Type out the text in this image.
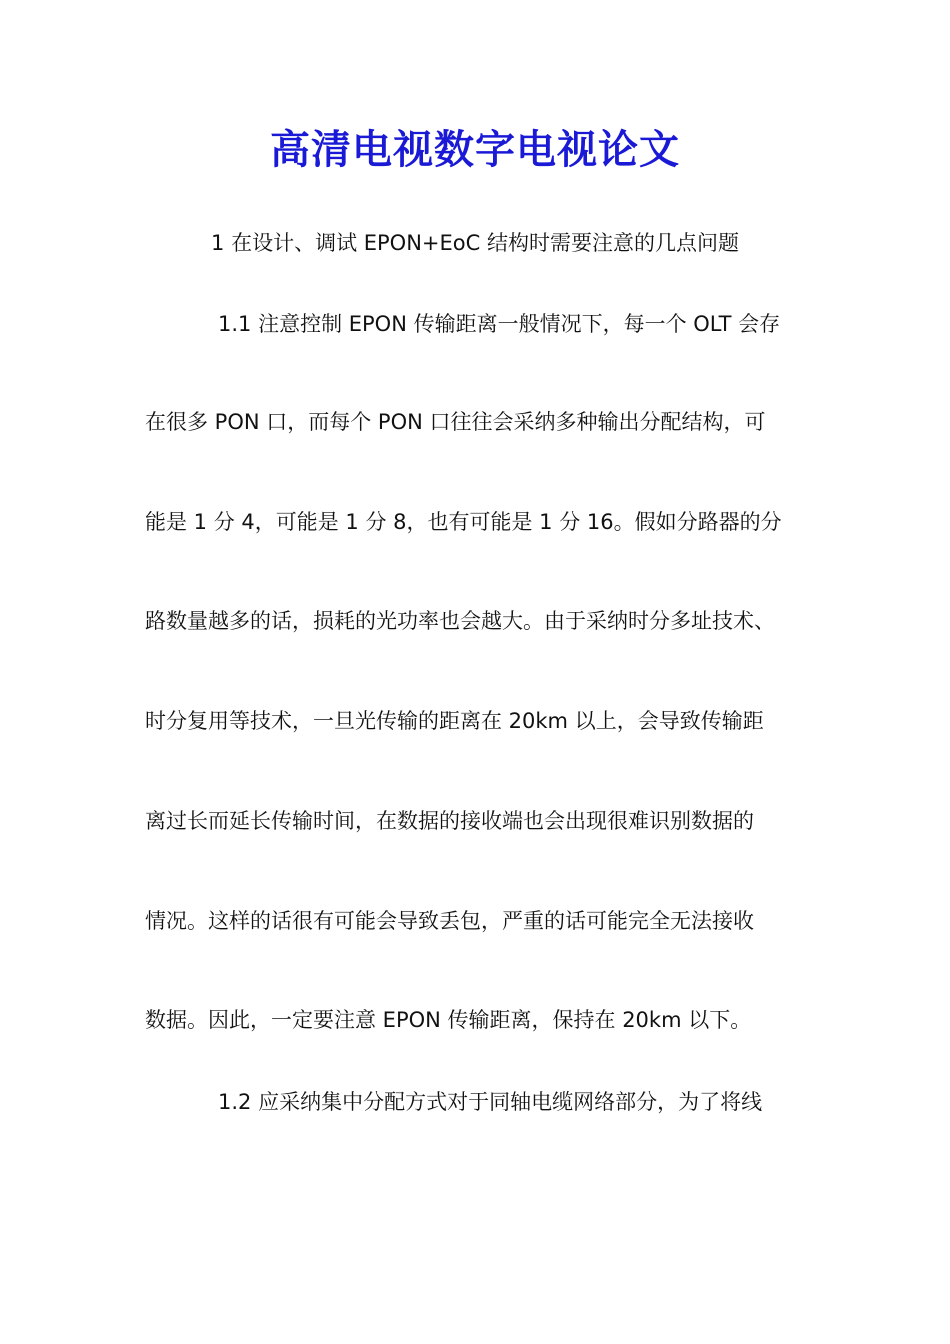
高清电视数字电视论文
1 在设计、调试 EPON+EoC 结构时需要注意的几点问题
1.1 注意控制 EPON 传输距离一般情况下，每一个 OLT 会存
在很多 PON 口，而每个 PON 口往往会采纳多种输出分配结构，可
能是 1 分 4，可能是 1 分 8，也有可能是 1 分 16。假如分路器的分
路数量越多的话，损耗的光功率也会越大。由于采纳时分多址技术、
时分复用等技术，一旦光传输的距离在 20km 以上，会导致传输距
离过长而延长传输时间，在数据的接收端也会出现很难识别数据的
情况。这样的话很有可能会导致丢包，严重的话可能完全无法接收
数据。因此，一定要注意 EPON 传输距离，保持在 20km 以下。
1.2 应采纳集中分配方式对于同轴电缆网络部分，为了将线
